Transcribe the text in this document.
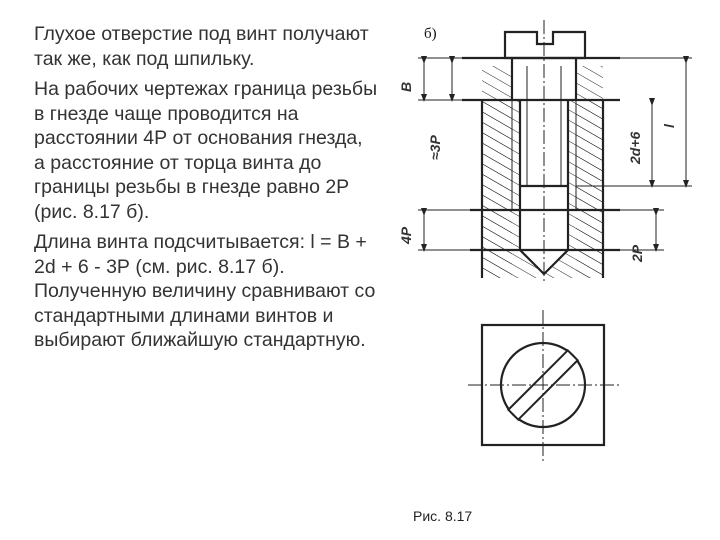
Глухое отверстие под винт получают так же, как под шпильку.

На рабочих чертежах граница резьбы в гнезде чаще проводится на расстоянии 4Р от основания гнезда,
а расстояние от торца винта до границы резьбы в гнезде равно 2Р (рис. 8.17 б).

Длина винта подсчитывается: l = В + 2d + 6 - 3Р (см. рис. 8.17 б). Полученную величину сравнивают со стандартными длинами винтов и выбирают ближайшую стандартную.

б)
B
≈3P
4P
2d+6
l
2P
Рис. 8.17
